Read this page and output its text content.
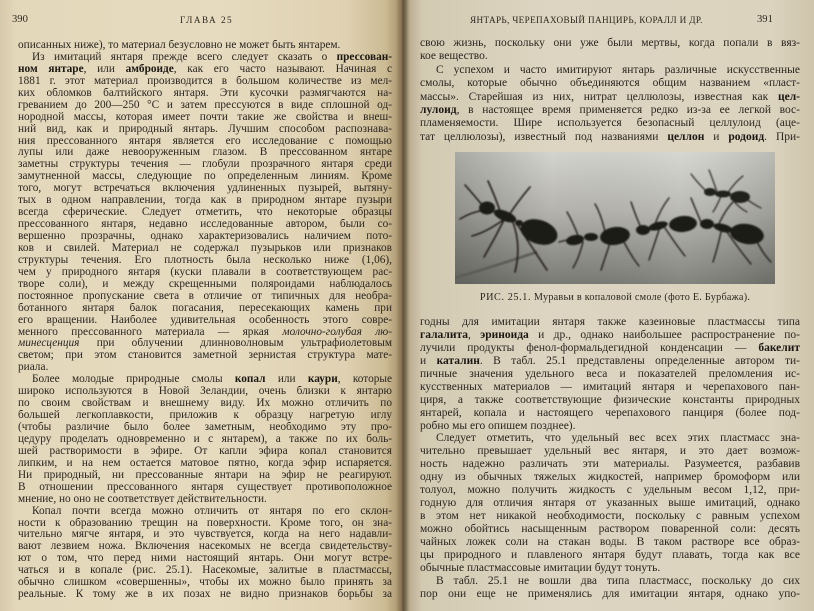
390	ГЛАВА 25
описанных ниже), то материал безусловно не может быть янтарем.
Из имитаций янтаря прежде всего следует сказать о прессован-
ном янтаре, или амброиде, как его часто называют. Начиная с
1881 г. этот материал производится в большом количестве из мел-
ких обломков балтийского янтаря. Эти кусочки размягчаются на-
греванием до 200—250 °C и затем прессуются в виде сплошной од-
нородной массы, которая имеет почти такие же свойства и внеш-
ний вид, как и природный янтарь. Лучшим способом распознава-
ния прессованного янтаря является его исследование с помощью
лупы или даже невооруженным глазом. В прессованном янтаре
заметны структуры течения — глобули прозрачного янтаря среди
замутненной массы, следующие по определенным линиям. Кроме
того, могут встречаться включения удлиненных пузырей, вытяну-
тых в одном направлении, тогда как в природном янтаре пузыри
всегда сферические. Следует отметить, что некоторые образцы
прессованного янтаря, недавно исследованные автором, были со-
вершенно прозрачны, однако характеризовались наличием пото-
ков и свилей. Материал не содержал пузырьков или признаков
структуры течения. Его плотность была несколько ниже (1,06),
чем у природного янтаря (куски плавали в соответствующем рас-
творе соли), и между скрещенными поляроидами наблюдалось
постоянное пропускание света в отличие от типичных для необра-
ботанного янтаря балок погасания, пересекающих камень при
его вращении. Наиболее удивительная особенность этого совре-
менного прессованного материала — яркая молочно-голубая лю-
минесценция при облучении длинноволновым ультрафиолетовым
светом; при этом становится заметной зернистая структура мате-
риала.
Более молодые природные смолы копал или каури, которые
широко используются в Новой Зеландии, очень близки к янтарю
по своим свойствам и внешнему виду. Их можно отличить по
большей легкоплавкости, приложив к образцу нагретую иглу
(чтобы различие было более заметным, необходимо эту про-
цедуру проделать одновременно и с янтарем), а также по их боль-
шей растворимости в эфире. От капли эфира копал становится
липким, и на нем остается матовое пятно, когда эфир испаряется.
Ни природный, ни прессованные янтари на эфир не реагируют.
В отношении прессованного янтаря существует противоположное
мнение, но оно не соответствует действительности.
Копал почти всегда можно отличить от янтаря по его склон-
ности к образованию трещин на поверхности. Кроме того, он зна-
чительно мягче янтаря, и это чувствуется, когда на него надавли-
вают лезвием ножа. Включения насекомых не всегда свидетельству-
ют о том, что перед ними настоящий янтарь. Они могут встре-
чаться и в копале (рис. 25.1). Насекомые, залитые в пластмассы,
обычно слишком «совершенны», чтобы их можно было принять за
реальные. К тому же в их позах не видно признаков борьбы за
ЯНТАРЬ, ЧЕРЕПАХОВЫЙ ПАНЦИРЬ, КОРАЛЛ И ДР.	391
свою жизнь, поскольку они уже были мертвы, когда попали в вяз-
кое вещество.
С успехом и часто имитируют янтарь различные искусственные
смолы, которые обычно объединяются общим названием «пласт-
массы». Старейшая из них, нитрат целлюлозы, известная как цел-
лулоид, в настоящее время применяется редко из-за ее легкой вос-
пламеняемости. Шире используется безопасный целлулоид (аце-
тат целлюлозы), известный под названиями целлон и родоид. При-
РИС. 25.1. Муравьи в копаловой смоле (фото Е. Бурбажа).
годны для имитации янтаря также казеиновые пластмассы типа
галалита, эриноида и др., однако наибольшее распространение по-
лучили продукты фенол-формальдегидной конденсации — бакелит
и каталин. В табл. 25.1 представлены определенные автором ти-
пичные значения удельного веса и показателей преломления ис-
кусственных материалов — имитаций янтаря и черепахового пан-
циря, а также соответствующие физические константы природных
янтарей, копала и настоящего черепахового панциря (более под-
робно мы его опишем позднее).
Следует отметить, что удельный вес всех этих пластмасс зна-
чительно превышает удельный вес янтаря, и это дает возмож-
ность надежно различать эти материалы. Разумеется, разбавив
одну из обычных тяжелых жидкостей, например бромоформ или
толуол, можно получить жидкость с удельным весом 1,12, при-
годную для отличия янтаря от указанных выше имитаций, однако
в этом нет никакой необходимости, поскольку с равным успехом
можно обойтись насыщенным раствором поваренной соли: десять
чайных ложек соли на стакан воды. В таком растворе все образ-
цы природного и плавленого янтаря будут плавать, тогда как все
обычные пластмассовые имитации будут тонуть.
В табл. 25.1 не вошли два типа пластмасс, поскольку до сих
пор они еще не применялись для имитации янтаря, однако упо-
